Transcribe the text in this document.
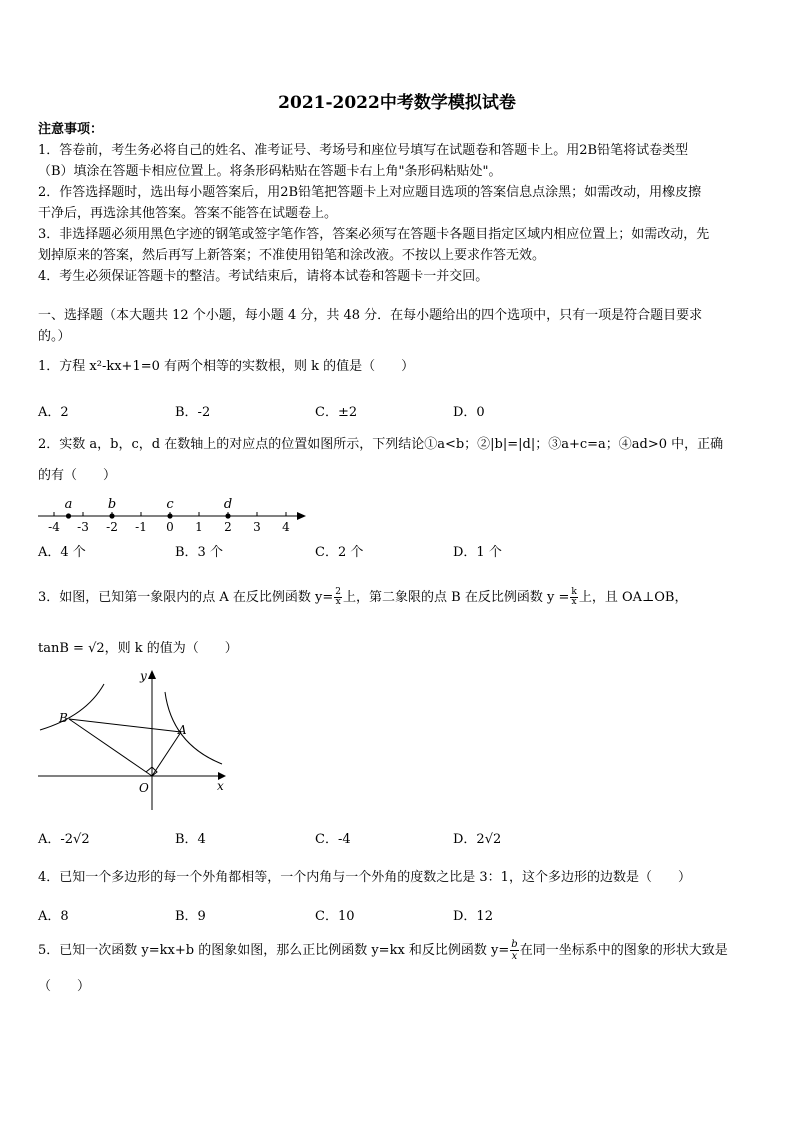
2021-2022中考数学模拟试卷
注意事项：
1．答卷前，考生务必将自己的姓名、准考证号、考场号和座位号填写在试题卷和答题卡上。用2B铅笔将试卷类型
（B）填涂在答题卡相应位置上。将条形码粘贴在答题卡右上角"条形码粘贴处"。
2．作答选择题时，选出每小题答案后，用2B铅笔把答题卡上对应题目选项的答案信息点涂黑；如需改动，用橡皮擦
干净后，再选涂其他答案。答案不能答在试题卷上。
3．非选择题必须用黑色字迹的钢笔或签字笔作答，答案必须写在答题卡各题目指定区域内相应位置上；如需改动，先
划掉原来的答案，然后再写上新答案；不准使用铅笔和涂改液。不按以上要求作答无效。
4．考生必须保证答题卡的整洁。考试结束后，请将本试卷和答题卡一并交回。
一、选择题（本大题共 12 个小题，每小题 4 分，共 48 分．在每小题给出的四个选项中，只有一项是符合题目要求
的。）
1．方程 x²-kx+1=0 有两个相等的实数根，则 k 的值是（　　）
A．2	B．-2	C．±2	D．0
2．实数 a，b，c，d 在数轴上的对应点的位置如图所示，下列结论①a<b；②|b|=|d|；③a+c=a；④ad>0 中，正确
的有（　　）
-4 -3 -2 -1 0 1 2 3 4
a	b	c	d
A．4 个	B．3 个	C．2 个	D．1 个
3．如图，已知第一象限内的点 A 在反比例函数 $y= \frac{2}{x}$ 上，第二象限的点 B 在反比例函数 $y = \frac{k}{x}$ 上，且 OA⊥OB，
tanB = √2，则 k 的值为（　　）
y
x
O
A
B
A．-2√2	B．4	C．-4	D．2√2
4．已知一个多边形的每一个外角都相等，一个内角与一个外角的度数之比是 3：1，这个多边形的边数是（　　）
A．8	B．9	C．10	D．12
5．已知一次函数 y=kx+b 的图象如图，那么正比例函数 y=kx 和反比例函数 $y= \frac{b}{x}$ 在同一坐标系中的图象的形状大致是
（　　）
